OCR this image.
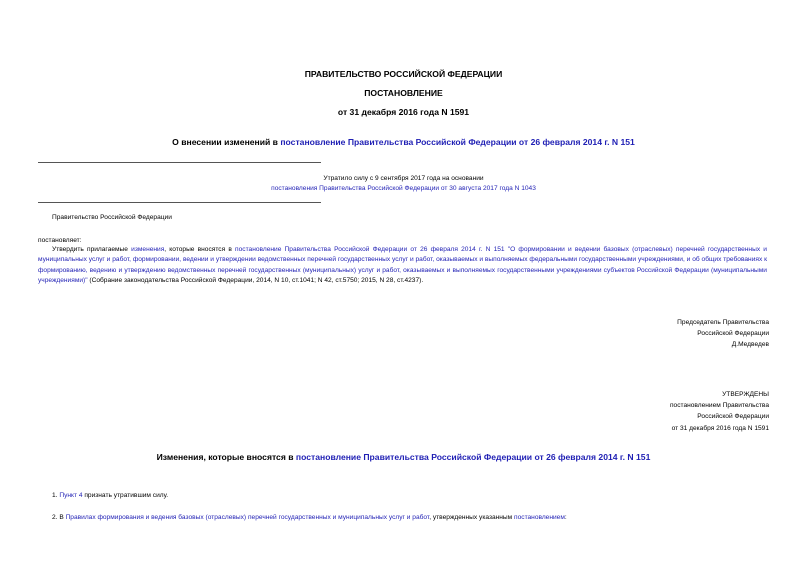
ПРАВИТЕЛЬСТВО РОССИЙСКОЙ ФЕДЕРАЦИИ
ПОСТАНОВЛЕНИЕ
от 31 декабря 2016 года N 1591
О внесении изменений в постановление Правительства Российской Федерации от 26 февраля 2014 г. N 151
Утратило силу с 9 сентября 2017 года на основании
постановления Правительства Российской Федерации от 30 августа 2017 года N 1043
Правительство Российской Федерации
постановляет:
Утвердить прилагаемые изменения, которые вносятся в постановление Правительства Российской Федерации от 26 февраля 2014 г. N 151 "О формировании и ведении базовых (отраслевых) перечней государственных и муниципальных услуг и работ, формировании, ведении и утверждении ведомственных перечней государственных услуг и работ, оказываемых и выполняемых федеральными государственными учреждениями, и об общих требованиях к формированию, ведению и утверждению ведомственных перечней государственных (муниципальных) услуг и работ, оказываемых и выполняемых государственными учреждениями субъектов Российской Федерации (муниципальными учреждениями)" (Собрание законодательства Российской Федерации, 2014, N 10, ст.1041; N 42, ст.5750; 2015, N 28, ст.4237).
Председатель Правительства
Российской Федерации
Д.Медведев
УТВЕРЖДЕНЫ
постановлением Правительства
Российской Федерации
от 31 декабря 2016 года N 1591
Изменения, которые вносятся в постановление Правительства Российской Федерации от 26 февраля 2014 г. N 151
1. Пункт 4 признать утратившим силу.
2. В Правилах формирования и ведения базовых (отраслевых) перечней государственных и муниципальных услуг и работ, утвержденных указанным постановлением:
